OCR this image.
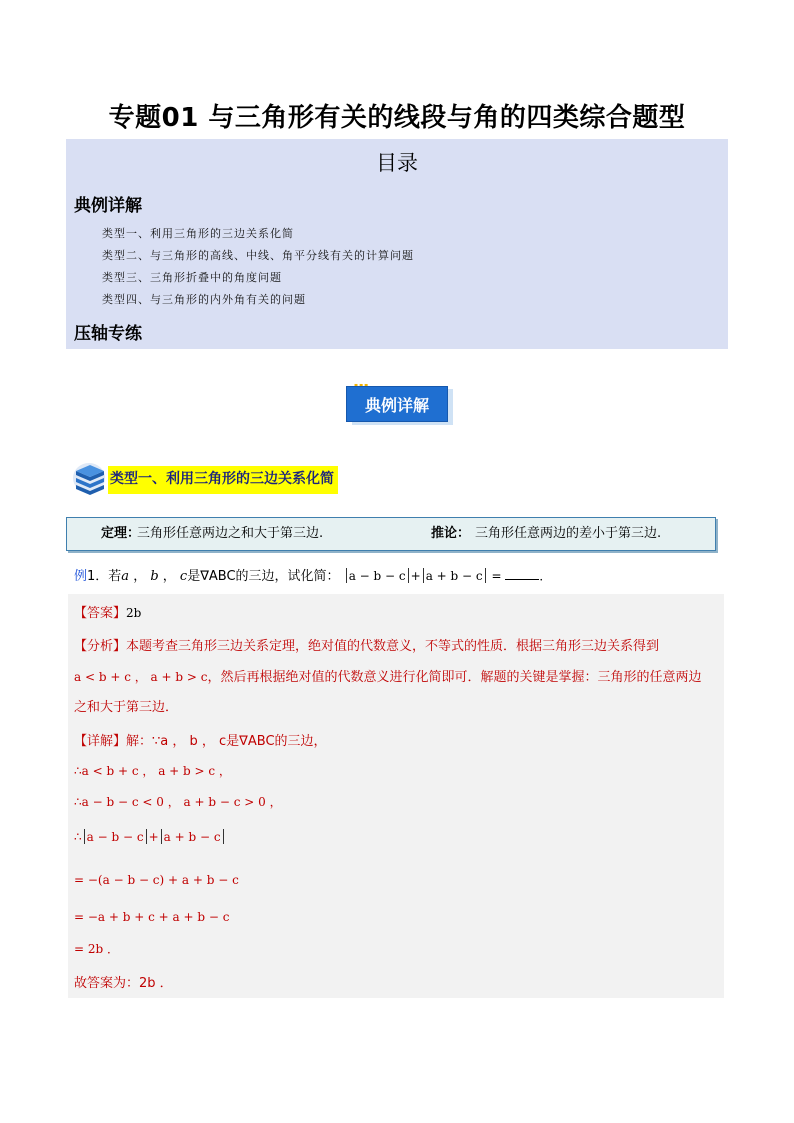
专题01 与三角形有关的线段与角的四类综合题型
目录
典例详解
类型一、利用三角形的三边关系化简
类型二、与三角形的高线、中线、角平分线有关的计算问题
类型三、三角形折叠中的角度问题
类型四、与三角形的内外角有关的问题
压轴专练
典例详解
类型一、利用三角形的三边关系化简
定理：
三角形任意两边之和大于第三边.	推论： 三角形任意两边的差小于第三边.
例1．若a ， b ， c是∇ABC的三边，试化简： a − b − c + a + b − c =	．
【答案】2b
【分析】本题考查三角形三边关系定理，绝对值的代数意义，不等式的性质．根据三角形三边关系得到
a < b + c ， a + b > c，然后再根据绝对值的代数意义进行化简即可．解题的关键是掌握：三角形的任意两边
之和大于第三边．
【详解】解：∵a ， b ， c是∇ABC的三边，
∴a < b + c ， a + b > c ，
∴a − b − c < 0 ， a + b − c > 0 ，
∴ a − b − c + a + b − c
= −(a − b − c) + a + b − c
= −a + b + c + a + b − c
= 2b ．
故答案为：2b ．
